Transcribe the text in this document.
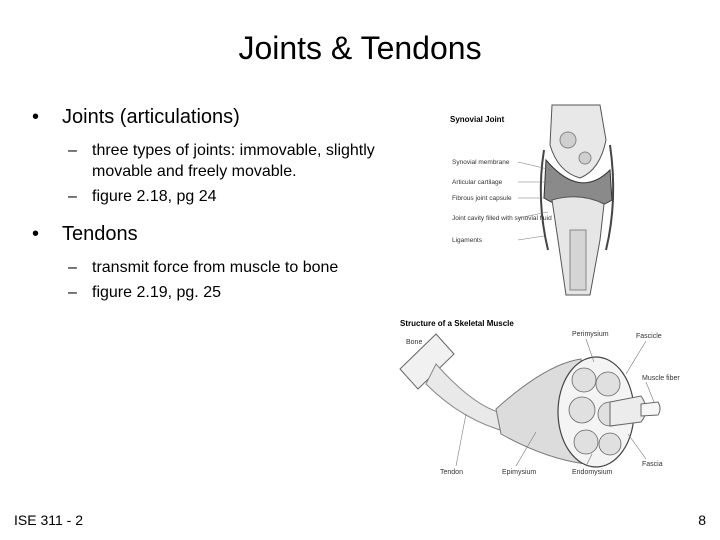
Joints & Tendons
• Joints (articulations)
– three types of joints: immovable, slightly movable and freely movable.
– figure 2.18, pg 24
• Tendons
– transmit force from muscle to bone
– figure 2.19, pg. 25
Synovial Joint
Synovial membrane
Articular cartilage
Fibrous joint capsule
Joint cavity filled with synovial fluid
Ligaments
Structure of a Skeletal Muscle
Bone
Perimysium	Fascicle
Muscle fiber
Tendon	Epimysium	Endomysium
Fascia
ISE 311 - 2	8
